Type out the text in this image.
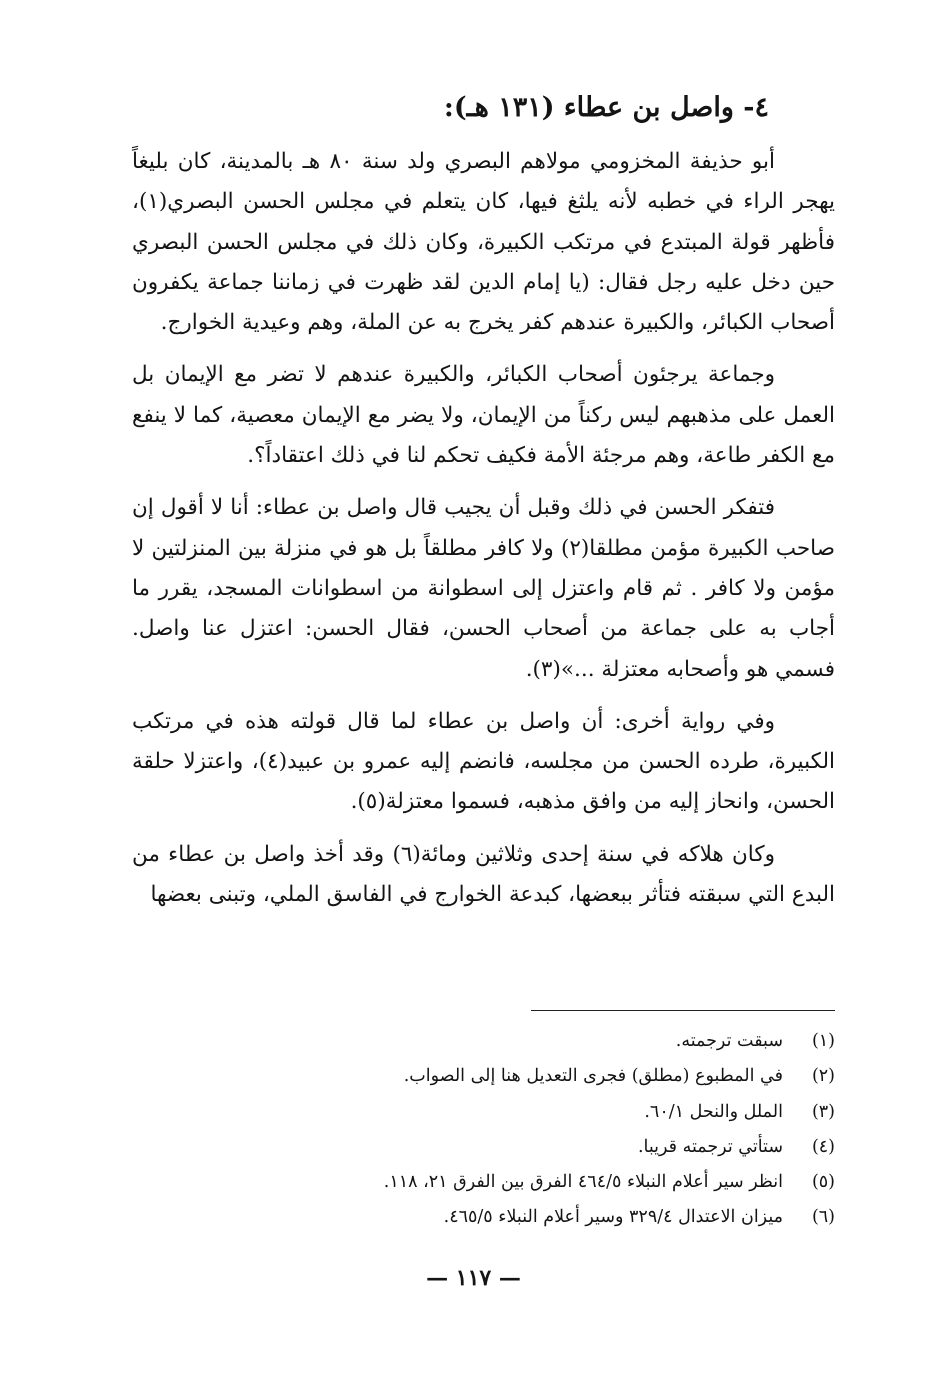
٤- واصل بن عطاء (١٣١ هـ):

أبو حذيفة المخزومي مولاهم البصري ولد سنة ٨٠ هـ بالمدينة، كان بليغاً يهجر الراء في خطبه لأنه يلثغ فيها، كان يتعلم في مجلس الحسن البصري(١)، فأظهر قولة المبتدع في مرتكب الكبيرة، وكان ذلك في مجلس الحسن البصري حين دخل عليه رجل فقال: (يا إمام الدين لقد ظهرت في زماننا جماعة يكفرون أصحاب الكبائر، والكبيرة عندهم كفر يخرج به عن الملة، وهم وعيدية الخوارج.

وجماعة يرجئون أصحاب الكبائر، والكبيرة عندهم لا تضر مع الإيمان بل العمل على مذهبهم ليس ركناً من الإيمان، ولا يضر مع الإيمان معصية، كما لا ينفع مع الكفر طاعة، وهم مرجئة الأمة فكيف تحكم لنا في ذلك اعتقاداً؟.

فتفكر الحسن في ذلك وقبل أن يجيب قال واصل بن عطاء: أنا لا أقول إن صاحب الكبيرة مؤمن مطلقا(٢) ولا كافر مطلقاً بل هو في منزلة بين المنزلتين لا مؤمن ولا كافر . ثم قام واعتزل إلى اسطوانة من اسطوانات المسجد، يقرر ما أجاب به على جماعة من أصحاب الحسن، فقال الحسن: اعتزل عنا واصل. فسمي هو وأصحابه معتزلة ...»(٣).

وفي رواية أخرى: أن واصل بن عطاء لما قال قولته هذه في مرتكب الكبيرة، طرده الحسن من مجلسه، فانضم إليه عمرو بن عبيد(٤)، واعتزلا حلقة الحسن، وانحاز إليه من وافق مذهبه، فسموا معتزلة(٥).

وكان هلاكه في سنة إحدى وثلاثين ومائة(٦) وقد أخذ واصل بن عطاء من البدع التي سبقته فتأثر ببعضها، كبدعة الخوارج في الفاسق الملي، وتبنى بعضها

(١)
سبقت ترجمته.
(٢)
في المطبوع (مطلق) فجرى التعديل هنا إلى الصواب.
(٣)
الملل والنحل ٦٠/١.
(٤)
ستأتي ترجمته قريبا.
(٥)
انظر سير أعلام النبلاء ٤٦٤/٥ الفرق بين الفرق ٢١، ١١٨.
(٦)
ميزان الاعتدال ٣٢٩/٤ وسير أعلام النبلاء ٤٦٥/٥.
— ١١٧ —
